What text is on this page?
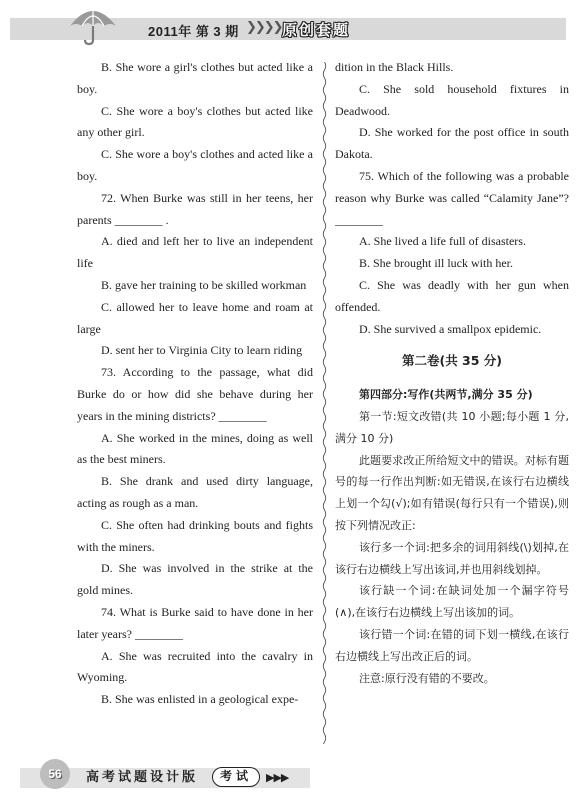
2011年 第 3 期 ❯❯❯❯ 原创套题

B. She wore a girl's clothes but acted like a boy.

C. She wore a boy's clothes but acted like any other girl.

C. She wore a boy's clothes and acted like a boy.

72. When Burke was still in her teens, her parents ________ .

A. died and left her to live an independent life

B. gave her training to be skilled workman

C. allowed her to leave home and roam at large

D. sent her to Virginia City to learn riding

73. According to the passage, what did Burke do or how did she behave during her years in the mining districts? ________

A. She worked in the mines, doing as well as the best miners.

B. She drank and used dirty language, acting as rough as a man.

C. She often had drinking bouts and fights with the miners.

D. She was involved in the strike at the gold mines.

74. What is Burke said to have done in her later years? ________

A. She was recruited into the cavalry in Wyoming.

B. She was enlisted in a geological expe-

dition in the Black Hills.

C. She sold household fixtures in Deadwood.

D. She worked for the post office in south Dakota.

75. Which of the following was a probable reason why Burke was called “Calamity Jane”? ________

A. She lived a life full of disasters.

B. She brought ill luck with her.

C. She was deadly with her gun when offended.

D. She survived a smallpox epidemic.

第二卷(共 35 分)

第四部分:写作(共两节,满分 35 分)

第一节:短文改错(共 10 小题;每小题 1 分,满分 10 分)

此题要求改正所给短文中的错误。对标有题号的每一行作出判断:如无错误,在该行右边横线上划一个勾(√);如有错误(每行只有一个错误),则按下列情况改正:

该行多一个词:把多余的词用斜线(\)划掉,在该行右边横线上写出该词,并也用斜线划掉。

该行缺一个词:在缺词处加一个漏字符号(∧),在该行右边横线上写出该加的词。

该行错一个词:在错的词下划一横线,在该行右边横线上写出改正后的词。

注意:原行没有错的不要改。

56	高考试题设计版	考试	▶▶▶
